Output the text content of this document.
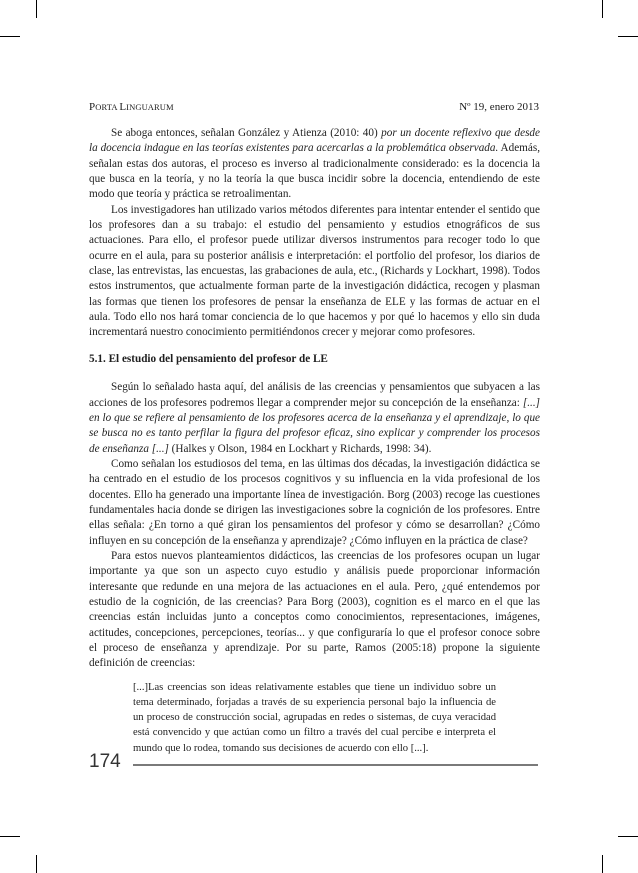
PORTA LINGUARUM	Nº 19, enero 2013

Se aboga entonces, señalan González y Atienza (2010: 40) por un docente reflexivo que desde la docencia indague en las teorías existentes para acercarlas a la problemática observada. Además, señalan estas dos autoras, el proceso es inverso al tradicionalmente considerado: es la docencia la que busca en la teoría, y no la teoría la que busca incidir sobre la docencia, entendiendo de este modo que teoría y práctica se retroalimentan.

Los investigadores han utilizado varios métodos diferentes para intentar entender el sentido que los profesores dan a su trabajo: el estudio del pensamiento y estudios etnográficos de sus actuaciones. Para ello, el profesor puede utilizar diversos instrumentos para recoger todo lo que ocurre en el aula, para su posterior análisis e interpretación: el portfolio del profesor, los diarios de clase, las entrevistas, las encuestas, las grabaciones de aula, etc., (Richards y Lockhart, 1998). Todos estos instrumentos, que actualmente forman parte de la investigación didáctica, recogen y plasman las formas que tienen los profesores de pensar la enseñanza de ELE y las formas de actuar en el aula. Todo ello nos hará tomar conciencia de lo que hacemos y por qué lo hacemos y ello sin duda incrementará nuestro conocimiento permitiéndonos crecer y mejorar como profesores.

5.1. El estudio del pensamiento del profesor de LE

Según lo señalado hasta aquí, del análisis de las creencias y pensamientos que subyacen a las acciones de los profesores podremos llegar a comprender mejor su concepción de la enseñanza: [...] en lo que se refiere al pensamiento de los profesores acerca de la enseñanza y el aprendizaje, lo que se busca no es tanto perfilar la figura del profesor eficaz, sino explicar y comprender los procesos de enseñanza [...] (Halkes y Olson, 1984 en Lockhart y Richards, 1998: 34).

Como señalan los estudiosos del tema, en las últimas dos décadas, la investigación didáctica se ha centrado en el estudio de los procesos cognitivos y su influencia en la vida profesional de los docentes. Ello ha generado una importante línea de investigación. Borg (2003) recoge las cuestiones fundamentales hacia donde se dirigen las investigaciones sobre la cognición de los profesores. Entre ellas señala: ¿En torno a qué giran los pensamientos del profesor y cómo se desarrollan? ¿Cómo influyen en su concepción de la enseñanza y aprendizaje? ¿Cómo influyen en la práctica de clase?

Para estos nuevos planteamientos didácticos, las creencias de los profesores ocupan un lugar importante ya que son un aspecto cuyo estudio y análisis puede proporcionar información interesante que redunde en una mejora de las actuaciones en el aula. Pero, ¿qué entendemos por estudio de la cognición, de las creencias? Para Borg (2003), cognition es el marco en el que las creencias están incluidas junto a conceptos como conocimientos, representaciones, imágenes, actitudes, concepciones, percepciones, teorías... y que configuraría lo que el profesor conoce sobre el proceso de enseñanza y aprendizaje. Por su parte, Ramos (2005:18) propone la siguiente definición de creencias:

[...]Las creencias son ideas relativamente estables que tiene un individuo sobre un tema determinado, forjadas a través de su experiencia personal bajo la influencia de un proceso de construcción social, agrupadas en redes o sistemas, de cuya veracidad está convencido y que actúan como un filtro a través del cual percibe e interpreta el mundo que lo rodea, tomando sus decisiones de acuerdo con ello [...].

174
